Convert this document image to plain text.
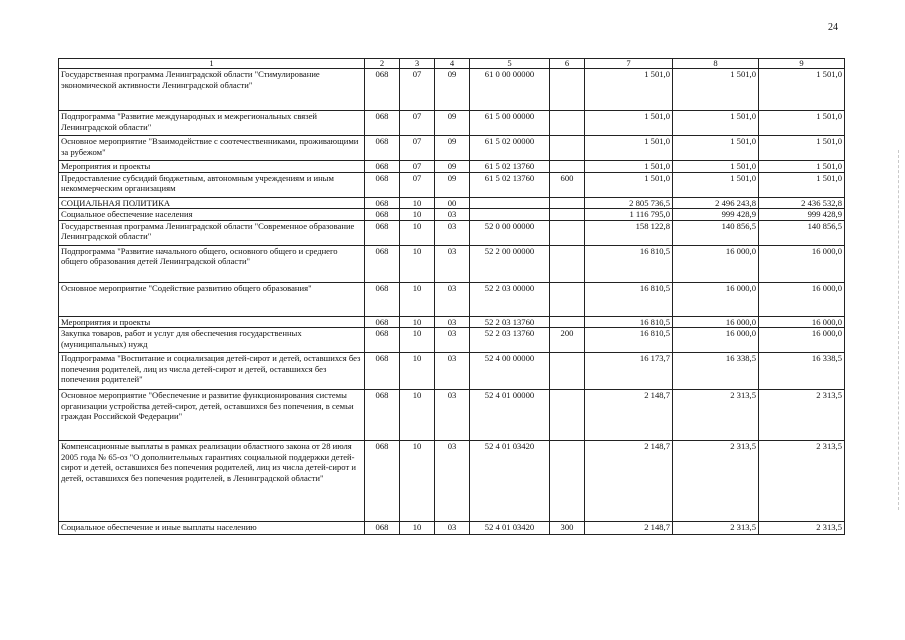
24
1	2	3	4	5	6	7	8	9
Государственная программа Ленинградской области "Стимулирование экономической активности Ленинградской области"	068	07	09	61 0 00 00000		1 501,0	1 501,0	1 501,0
Подпрограмма "Развитие международных и межрегиональных связей Ленинградской области"	068	07	09	61 5 00 00000		1 501,0	1 501,0	1 501,0
Основное мероприятие "Взаимодействие с соотечественниками, проживающими за рубежом"	068	07	09	61 5 02 00000		1 501,0	1 501,0	1 501,0
Мероприятия и проекты	068	07	09	61 5 02 13760		1 501,0	1 501,0	1 501,0
Предоставление субсидий бюджетным, автономным учреждениям и иным некоммерческим организациям	068	07	09	61 5 02 13760	600	1 501,0	1 501,0	1 501,0
СОЦИАЛЬНАЯ ПОЛИТИКА	068	10	00			2 805 736,5	2 496 243,8	2 436 532,8
Социальное обеспечение населения	068	10	03			1 116 795,0	999 428,9	999 428,9
Государственная программа Ленинградской области "Современное образование Ленинградской области"	068	10	03	52 0 00 00000		158 122,8	140 856,5	140 856,5
Подпрограмма "Развитие начального общего, основного общего и среднего общего образования детей Ленинградской области"	068	10	03	52 2 00 00000		16 810,5	16 000,0	16 000,0
Основное мероприятие "Содействие развитию общего образования"	068	10	03	52 2 03 00000		16 810,5	16 000,0	16 000,0
Мероприятия и проекты	068	10	03	52 2 03 13760		16 810,5	16 000,0	16 000,0
Закупка товаров, работ и услуг для обеспечения государственных (муниципальных) нужд	068	10	03	52 2 03 13760	200	16 810,5	16 000,0	16 000,0
Подпрограмма "Воспитание и социализация детей-сирот и детей, оставшихся без попечения родителей, лиц из числа детей-сирот и детей, оставшихся без попечения родителей"	068	10	03	52 4 00 00000		16 173,7	16 338,5	16 338,5
Основное мероприятие "Обеспечение и развитие функционирования системы организации устройства детей-сирот, детей, оставшихся без попечения, в семьи граждан Российской Федерации"	068	10	03	52 4 01 00000		2 148,7	2 313,5	2 313,5
Компенсационные выплаты в рамках реализации областного закона от 28 июля 2005 года № 65-оз "О дополнительных гарантиях социальной поддержки детей-сирот и детей, оставшихся без попечения родителей, лиц из числа детей-сирот и детей, оставшихся без попечения родителей, в Ленинградской области"	068	10	03	52 4 01 03420		2 148,7	2 313,5	2 313,5
Социальное обеспечение и иные выплаты населению	068	10	03	52 4 01 03420	300	2 148,7	2 313,5	2 313,5
